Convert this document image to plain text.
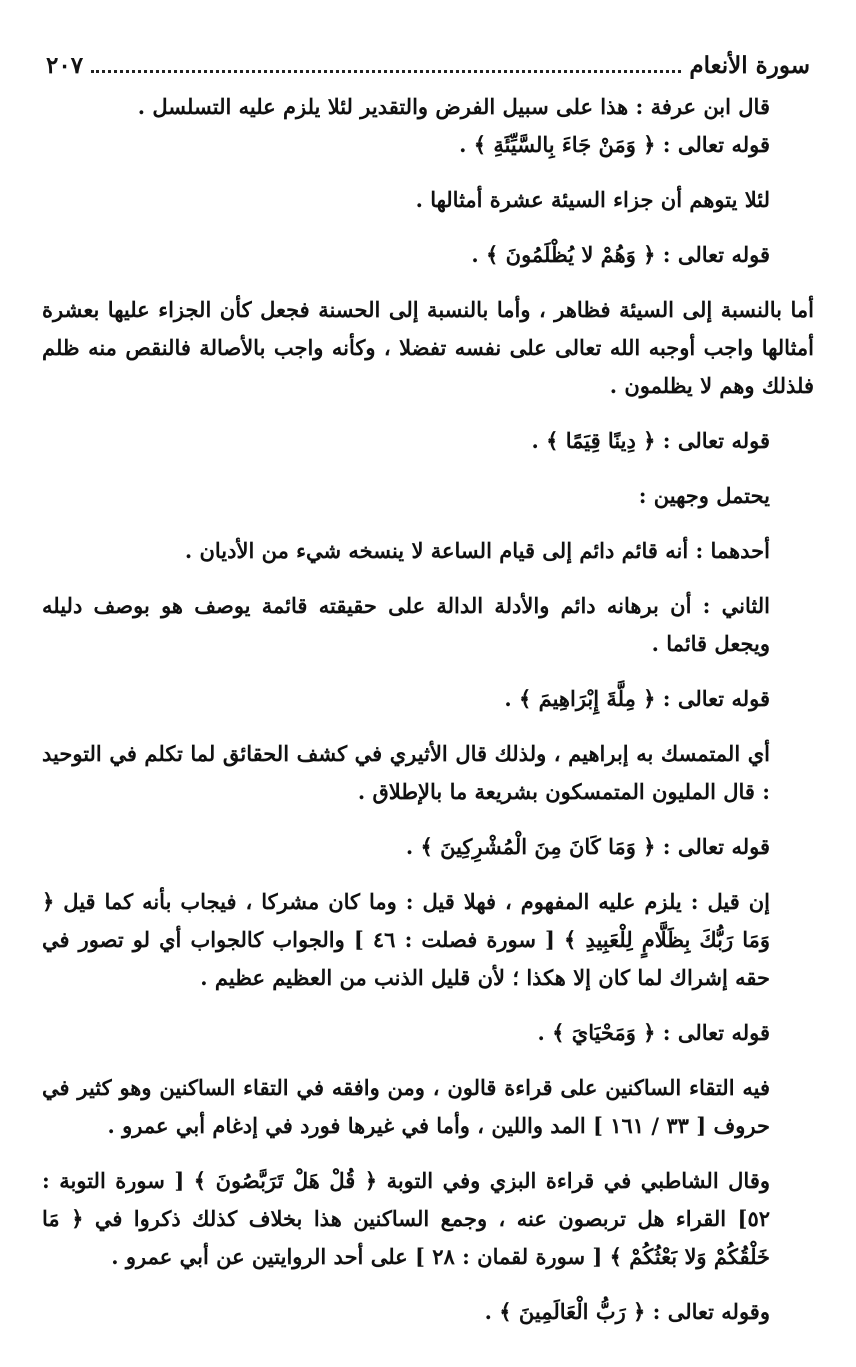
سورة الأنعام
٢٠٧

قال ابن عرفة : هذا على سبيل الفرض والتقدير لئلا يلزم عليه التسلسل .

قوله تعالى : ﴿ وَمَنْ جَاءَ بِالسَّيِّئَةِ ﴾ .

لئلا يتوهم أن جزاء السيئة عشرة أمثالها .

قوله تعالى : ﴿ وَهُمْ لا يُظْلَمُونَ ﴾ .

أما بالنسبة إلى السيئة فظاهر ، وأما بالنسبة إلى الحسنة فجعل كأن الجزاء عليها بعشرة أمثالها واجب أوجبه الله تعالى على نفسه تفضلا ، وكأنه واجب بالأصالة فالنقص منه ظلم فلذلك وهم لا يظلمون .

قوله تعالى : ﴿ دِينًا قِيَمًا ﴾ .

يحتمل وجهين :

أحدهما : أنه قائم دائم إلى قيام الساعة لا ينسخه شيء من الأديان .

الثاني : أن برهانه دائم والأدلة الدالة على حقيقته قائمة يوصف هو بوصف دليله ويجعل قائما .

قوله تعالى : ﴿ مِلَّةَ إِبْرَاهِيمَ ﴾ .

أي المتمسك به إبراهيم ، ولذلك قال الأثيري في كشف الحقائق لما تكلم في التوحيد : قال المليون المتمسكون بشريعة ما بالإطلاق .

قوله تعالى : ﴿ وَمَا كَانَ مِنَ الْمُشْرِكِينَ ﴾ .

إن قيل : يلزم عليه المفهوم ، فهلا قيل : وما كان مشركا ، فيجاب بأنه كما قيل ﴿ وَمَا رَبُّكَ بِظَلَّامٍ لِلْعَبِيدِ ﴾ [ سورة فصلت : ٤٦ ] والجواب كالجواب أي لو تصور في حقه إشراك لما كان إلا هكذا ؛ لأن قليل الذنب من العظيم عظيم .

قوله تعالى : ﴿ وَمَحْيَايَ ﴾ .

فيه التقاء الساكنين على قراءة قالون ، ومن وافقه في التقاء الساكنين وهو كثير في حروف [ ٣٣ / ١٦١ ] المد واللين ، وأما في غيرها فورد في إدغام أبي عمرو .

وقال الشاطبي في قراءة البزي وفي التوبة ﴿ قُلْ هَلْ تَرَبَّصُونَ ﴾ [ سورة التوبة : ٥٢] القراء هل تربصون عنه ، وجمع الساكنين هذا بخلاف كذلك ذكروا في ﴿ مَا خَلْقُكُمْ وَلا بَعْثُكُمْ ﴾ [ سورة لقمان : ٢٨ ] على أحد الروايتين عن أبي عمرو .

وقوله تعالى : ﴿ رَبُّ الْعَالَمِينَ ﴾ .
